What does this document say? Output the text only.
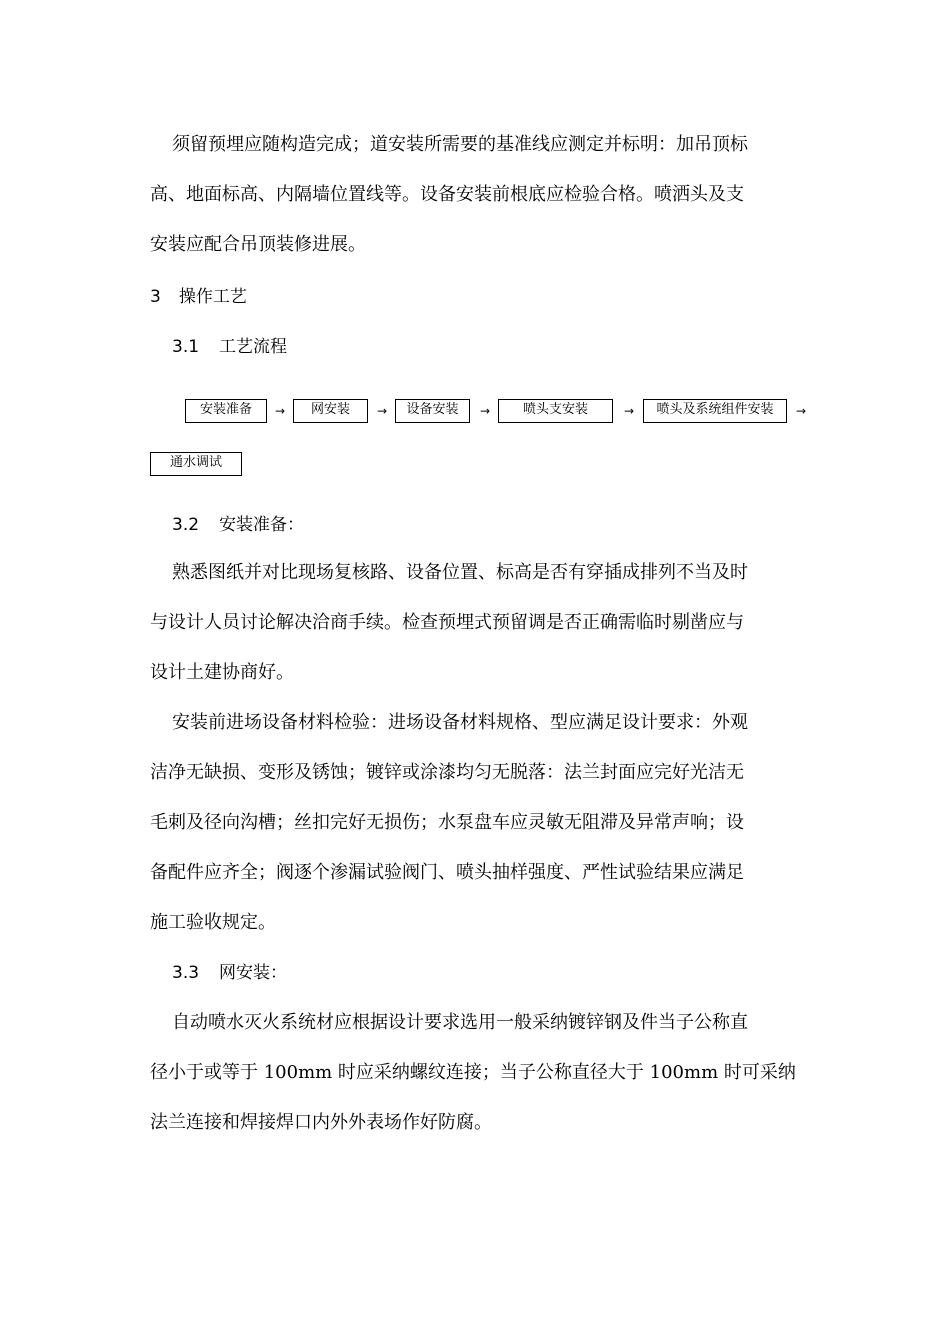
须留预埋应随构造完成；道安装所需要的基准线应测定并标明：加吊顶标
高、地面标高、内隔墙位置线等。设备安装前根底应检验合格。喷洒头及支
安装应配合吊顶装修进展。
3 操作工艺
3.1 工艺流程
安装准备	→	网安装	→	设备安装	→	喷头支安装	→	喷头及系统组件安装	→
通水调试
3.2 安装准备：
熟悉图纸并对比现场复核路、设备位置、标高是否有穿插成排列不当及时
与设计人员讨论解决洽商手续。检查预埋式预留调是否正确需临时剔凿应与
设计土建协商好。
安装前进场设备材料检验：进场设备材料规格、型应满足设计要求：外观
洁净无缺损、变形及锈蚀；镀锌或涂漆均匀无脱落：法兰封面应完好光洁无
毛刺及径向沟槽；丝扣完好无损伤；水泵盘车应灵敏无阻滞及异常声响；设
备配件应齐全；阀逐个渗漏试验阀门、喷头抽样强度、严性试验结果应满足
施工验收规定。
3.3 网安装：
自动喷水灭火系统材应根据设计要求选用一般采纳镀锌钢及件当子公称直
径小于或等于 100mm 时应采纳螺纹连接；当子公称直径大于 100mm 时可采纳
法兰连接和焊接焊口内外外表场作好防腐。
